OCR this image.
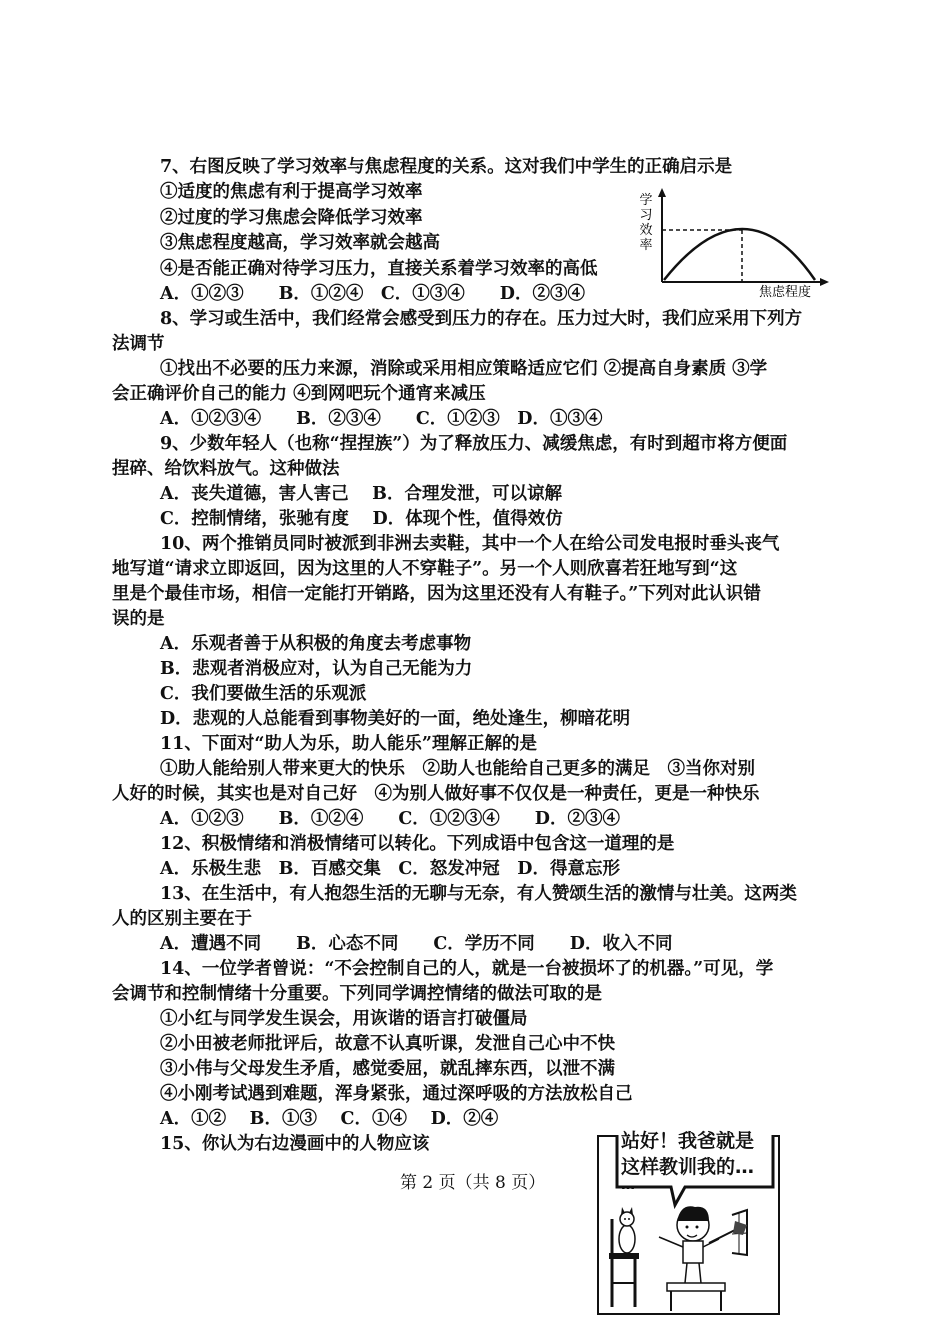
7、右图反映了学习效率与焦虑程度的关系。这对我们中学生的正确启示是
①适度的焦虑有利于提高学习效率
②过度的学习焦虑会降低学习效率
③焦虑程度越高，学习效率就会越高
④是否能正确对待学习压力，直接关系着学习效率的高低
A．①②③　　B．①②④　C．①③④　　D．②③④
8、学习或生活中，我们经常会感受到压力的存在。压力过大时，我们应采用下列方
法调节
①找出不必要的压力来源，消除或采用相应策略适应它们 ②提高自身素质 ③学
会正确评价自己的能力 ④到网吧玩个通宵来减压
A．①②③④　　B．②③④　　C．①②③　D．①③④
9、少数年轻人（也称“捏捏族”）为了释放压力、减缓焦虑，有时到超市将方便面
捏碎、给饮料放气。这种做法
A．丧失道德，害人害己　 B．合理发泄，可以谅解
C．控制情绪，张驰有度　 D．体现个性，值得效仿
10、两个推销员同时被派到非洲去卖鞋，其中一个人在给公司发电报时垂头丧气
地写道“请求立即返回，因为这里的人不穿鞋子”。另一个人则欣喜若狂地写到“这
里是个最佳市场，相信一定能打开销路，因为这里还没有人有鞋子。”下列对此认识错
误的是
A．乐观者善于从积极的角度去考虑事物
B．悲观者消极应对，认为自己无能为力
C．我们要做生活的乐观派
D．悲观的人总能看到事物美好的一面，绝处逢生，柳暗花明
11、下面对“助人为乐，助人能乐”理解正解的是
①助人能给别人带来更大的快乐　②助人也能给自己更多的满足　③当你对别
人好的时候，其实也是对自己好　④为别人做好事不仅仅是一种责任，更是一种快乐
A．①②③　　B．①②④　　C．①②③④　　D．②③④
12、积极情绪和消极情绪可以转化。下列成语中包含这一道理的是
A．乐极生悲　B．百感交集　C．怒发冲冠　D．得意忘形
13、在生活中，有人抱怨生活的无聊与无奈，有人赞颂生活的激情与壮美。这两类
人的区别主要在于
A．遭遇不同　　B．心态不同　　C．学历不同　　D．收入不同
14、一位学者曾说：“不会控制自己的人，就是一台被损坏了的机器。”可见，学
会调节和控制情绪十分重要。下列同学调控情绪的做法可取的是
①小红与同学发生误会，用诙谐的语言打破僵局
②小田被老师批评后，故意不认真听课，发泄自己心中不快
③小伟与父母发生矛盾，感觉委屈，就乱摔东西，以泄不满
④小刚考试遇到难题，浑身紧张，通过深呼吸的方法放松自己
A．①②　 B．①③　 C．①④　 D．②④
15、你认为右边漫画中的人物应该
学习效率
焦虑程度
站好！我爸就是
这样教训我的…
…
第 2 页（共 8 页）
